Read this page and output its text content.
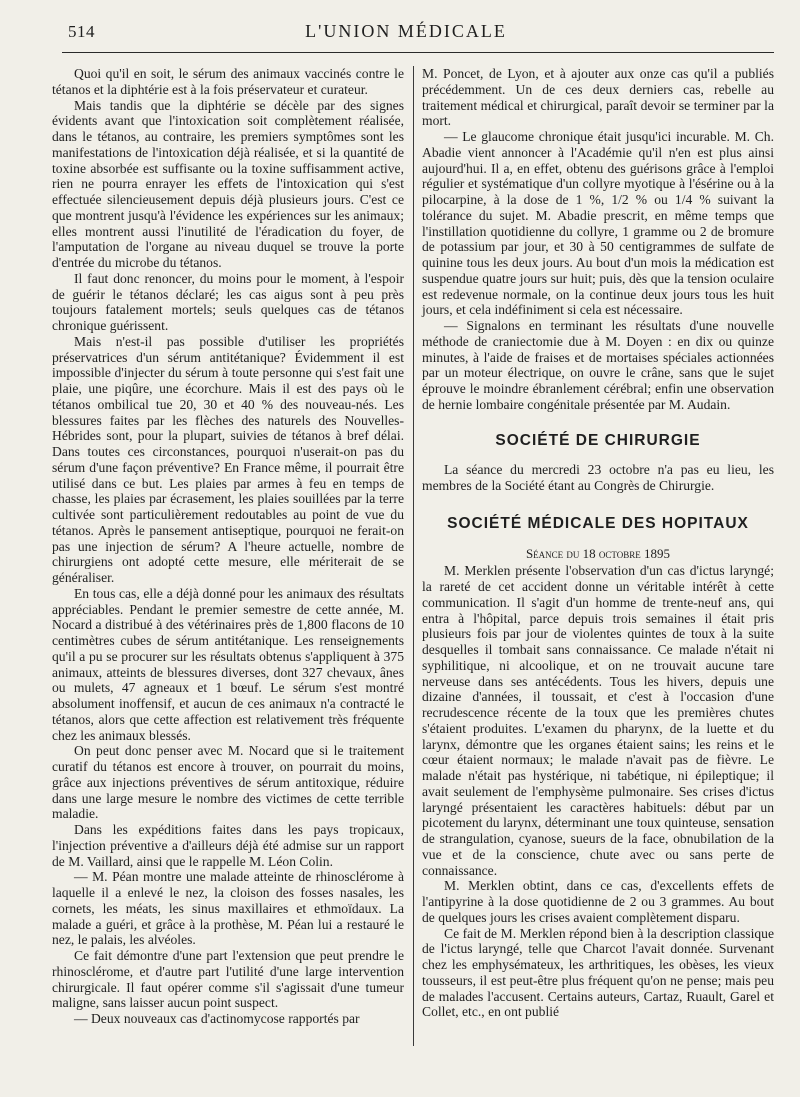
514	L'UNION MÉDICALE

Quoi qu'il en soit, le sérum des animaux vaccinés contre le tétanos et la diphtérie est à la fois préservateur et curateur.

Mais tandis que la diphtérie se décèle par des signes évidents avant que l'intoxication soit complètement réalisée, dans le tétanos, au contraire, les premiers symptômes sont les manifestations de l'intoxication déjà réalisée, et si la quantité de toxine absorbée est suffisante ou la toxine suffisamment active, rien ne pourra enrayer les effets de l'intoxication qui s'est effectuée silencieusement depuis déjà plusieurs jours. C'est ce que montrent jusqu'à l'évidence les expériences sur les animaux; elles montrent aussi l'inutilité de l'éradication du foyer, de l'amputation de l'organe au niveau duquel se trouve la porte d'entrée du microbe du tétanos.

Il faut donc renoncer, du moins pour le moment, à l'espoir de guérir le tétanos déclaré; les cas aigus sont à peu près toujours fatalement mortels; seuls quelques cas de tétanos chronique guérissent.

Mais n'est-il pas possible d'utiliser les propriétés préservatrices d'un sérum antitétanique? Évidemment il est impossible d'injecter du sérum à toute personne qui s'est fait une plaie, une piqûre, une écorchure. Mais il est des pays où le tétanos ombilical tue 20, 30 et 40 % des nouveau-nés. Les blessures faites par les flèches des naturels des Nouvelles-Hébrides sont, pour la plupart, suivies de tétanos à bref délai. Dans toutes ces circonstances, pourquoi n'userait-on pas du sérum d'une façon préventive? En France même, il pourrait être utilisé dans ce but. Les plaies par armes à feu en temps de chasse, les plaies par écrasement, les plaies souillées par la terre cultivée sont particulièrement redoutables au point de vue du tétanos. Après le pansement antiseptique, pourquoi ne ferait-on pas une injection de sérum? A l'heure actuelle, nombre de chirurgiens ont adopté cette mesure, elle mériterait de se généraliser.

En tous cas, elle a déjà donné pour les animaux des résultats appréciables. Pendant le premier semestre de cette année, M. Nocard a distribué à des vétérinaires près de 1,800 flacons de 10 centimètres cubes de sérum antitétanique. Les renseignements qu'il a pu se procurer sur les résultats obtenus s'appliquent à 375 animaux, atteints de blessures diverses, dont 327 chevaux, ânes ou mulets, 47 agneaux et 1 bœuf. Le sérum s'est montré absolument inoffensif, et aucun de ces animaux n'a contracté le tétanos, alors que cette affection est relativement très fréquente chez les animaux blessés.

On peut donc penser avec M. Nocard que si le traitement curatif du tétanos est encore à trouver, on pourrait du moins, grâce aux injections préventives de sérum antitoxique, réduire dans une large mesure le nombre des victimes de cette terrible maladie.

Dans les expéditions faites dans les pays tropicaux, l'injection préventive a d'ailleurs déjà été admise sur un rapport de M. Vaillard, ainsi que le rappelle M. Léon Colin.

— M. Péan montre une malade atteinte de rhinosclérome à laquelle il a enlevé le nez, la cloison des fosses nasales, les cornets, les méats, les sinus maxillaires et ethmoïdaux. La malade a guéri, et grâce à la prothèse, M. Péan lui a restauré le nez, le palais, les alvéoles.

Ce fait démontre d'une part l'extension que peut prendre le rhinosclérome, et d'autre part l'utilité d'une large intervention chirurgicale. Il faut opérer comme s'il s'agissait d'une tumeur maligne, sans laisser aucun point suspect.

— Deux nouveaux cas d'actinomycose rapportés par

M. Poncet, de Lyon, et à ajouter aux onze cas qu'il a publiés précédemment. Un de ces deux derniers cas, rebelle au traitement médical et chirurgical, paraît devoir se terminer par la mort.

— Le glaucome chronique était jusqu'ici incurable. M. Ch. Abadie vient annoncer à l'Académie qu'il n'en est plus ainsi aujourd'hui. Il a, en effet, obtenu des guérisons grâce à l'emploi régulier et systématique d'un collyre myotique à l'ésérine ou à la pilocarpine, à la dose de 1 %, 1/2 % ou 1/4 % suivant la tolérance du sujet. M. Abadie prescrit, en même temps que l'instillation quotidienne du collyre, 1 gramme ou 2 de bromure de potassium par jour, et 30 à 50 centigrammes de sulfate de quinine tous les deux jours. Au bout d'un mois la médication est suspendue quatre jours sur huit; puis, dès que la tension oculaire est redevenue normale, on la continue deux jours tous les huit jours, et cela indéfiniment si cela est nécessaire.

— Signalons en terminant les résultats d'une nouvelle méthode de craniectomie due à M. Doyen : en dix ou quinze minutes, à l'aide de fraises et de mortaises spéciales actionnées par un moteur électrique, on ouvre le crâne, sans que le sujet éprouve le moindre ébranlement cérébral; enfin une observation de hernie lombaire congénitale présentée par M. Audain.

SOCIÉTÉ DE CHIRURGIE

La séance du mercredi 23 octobre n'a pas eu lieu, les membres de la Société étant au Congrès de Chirurgie.

SOCIÉTÉ MÉDICALE DES HOPITAUX
Séance du 18 octobre 1895

M. Merklen présente l'observation d'un cas d'ictus laryngé; la rareté de cet accident donne un véritable intérêt à cette communication. Il s'agit d'un homme de trente-neuf ans, qui entra à l'hôpital, parce depuis trois semaines il était pris plusieurs fois par jour de violentes quintes de toux à la suite desquelles il tombait sans connaissance. Ce malade n'était ni syphilitique, ni alcoolique, et on ne trouvait aucune tare nerveuse dans ses antécédents. Tous les hivers, depuis une dizaine d'années, il toussait, et c'est à l'occasion d'une recrudescence récente de la toux que les premières chutes s'étaient produites. L'examen du pharynx, de la luette et du larynx, démontre que les organes étaient sains; les reins et le cœur étaient normaux; le malade n'avait pas de fièvre. Le malade n'était pas hystérique, ni tabétique, ni épileptique; il avait seulement de l'emphysème pulmonaire. Ses crises d'ictus laryngé présentaient les caractères habituels: début par un picotement du larynx, déterminant une toux quinteuse, sensation de strangulation, cyanose, sueurs de la face, obnubilation de la vue et de la conscience, chute avec ou sans perte de connaissance.

M. Merklen obtint, dans ce cas, d'excellents effets de l'antipyrine à la dose quotidienne de 2 ou 3 grammes. Au bout de quelques jours les crises avaient complètement disparu.

Ce fait de M. Merklen répond bien à la description classique de l'ictus laryngé, telle que Charcot l'avait donnée. Survenant chez les emphysémateux, les arthritiques, les obèses, les vieux tousseurs, il est peut-être plus fréquent qu'on ne pense; mais peu de malades l'accusent. Certains auteurs, Cartaz, Ruault, Garel et Collet, etc., en ont publié
